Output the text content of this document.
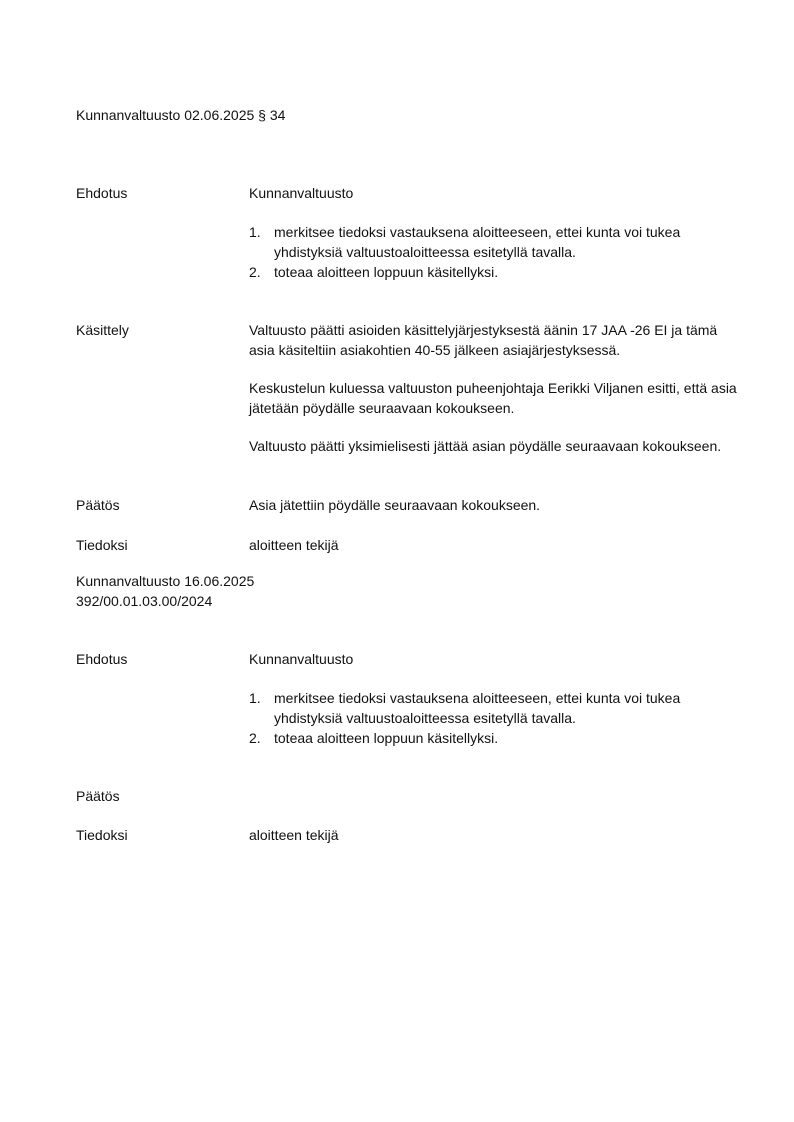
Kunnanvaltuusto 02.06.2025 § 34
Ehdotus	Kunnanvaltuusto
1. merkitsee tiedoksi vastauksena aloitteeseen, ettei kunta voi tukea yhdistyksiä valtuustoaloitteessa esitetyllä tavalla.
2. toteaa aloitteen loppuun käsitellyksi.
Käsittely	Valtuusto päätti asioiden käsittelyjärjestyksestä äänin 17 JAA -26 EI ja tämä asia käsiteltiin asiakohtien 40-55 jälkeen asiajärjestyksessä.
Keskustelun kuluessa valtuuston puheenjohtaja Eerikki Viljanen esitti, että asia jätetään pöydälle seuraavaan kokoukseen.
Valtuusto päätti yksimielisesti jättää asian pöydälle seuraavaan kokoukseen.
Päätös	Asia jätettiin pöydälle seuraavaan kokoukseen.
Tiedoksi	aloitteen tekijä
Kunnanvaltuusto 16.06.2025
392/00.01.03.00/2024
Ehdotus	Kunnanvaltuusto
1. merkitsee tiedoksi vastauksena aloitteeseen, ettei kunta voi tukea yhdistyksiä valtuustoaloitteessa esitetyllä tavalla.
2. toteaa aloitteen loppuun käsitellyksi.
Päätös
Tiedoksi	aloitteen tekijä
